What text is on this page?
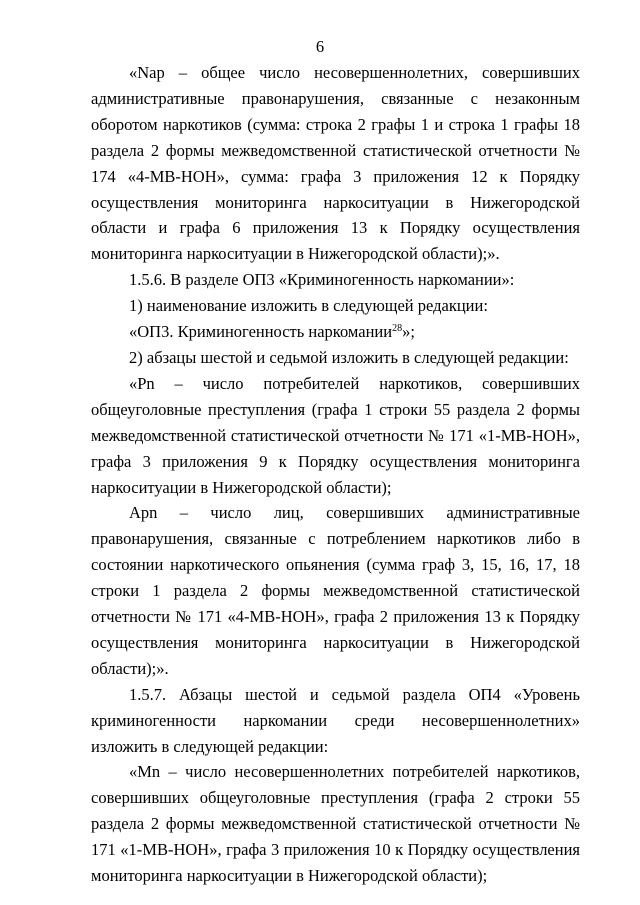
6

«Nap – общее число несовершеннолетних, совершивших административные правонарушения, связанные с незаконным оборотом наркотиков (сумма: строка 2 графы 1 и строка 1 графы 18 раздела 2 формы межведомственной статистической отчетности № 174 «4-МВ-НОН», сумма: графа 3 приложения 12 к Порядку осуществления мониторинга наркоситуации в Нижегородской области и графа 6 приложения 13 к Порядку осуществления мониторинга наркоситуации в Нижегородской области);».

1.5.6. В разделе ОП3 «Криминогенность наркомании»:

1) наименование изложить в следующей редакции:

«ОП3. Криминогенность наркомании$^{28}$»;

2) абзацы шестой и седьмой изложить в следующей редакции:

«Pn – число потребителей наркотиков, совершивших общеуголовные преступления (графа 1 строки 55 раздела 2 формы межведомственной статистической отчетности № 171 «1-МВ-НОН», графа 3 приложения 9 к Порядку осуществления мониторинга наркоситуации в Нижегородской области);

Apn – число лиц, совершивших административные правонарушения, связанные с потреблением наркотиков либо в состоянии наркотического опьянения (сумма граф 3, 15, 16, 17, 18 строки 1 раздела 2 формы межведомственной статистической отчетности № 171 «4-МВ-НОН», графа 2 приложения 13 к Порядку осуществления мониторинга наркоситуации в Нижегородской области);».

1.5.7. Абзацы шестой и седьмой раздела ОП4 «Уровень криминогенности наркомании среди несовершеннолетних» изложить в следующей редакции:

«Mn – число несовершеннолетних потребителей наркотиков, совершивших общеуголовные преступления (графа 2 строки 55 раздела 2 формы межведомственной статистической отчетности № 171 «1-МВ-НОН», графа 3 приложения 10 к Порядку осуществления мониторинга наркоситуации в Нижегородской области);
